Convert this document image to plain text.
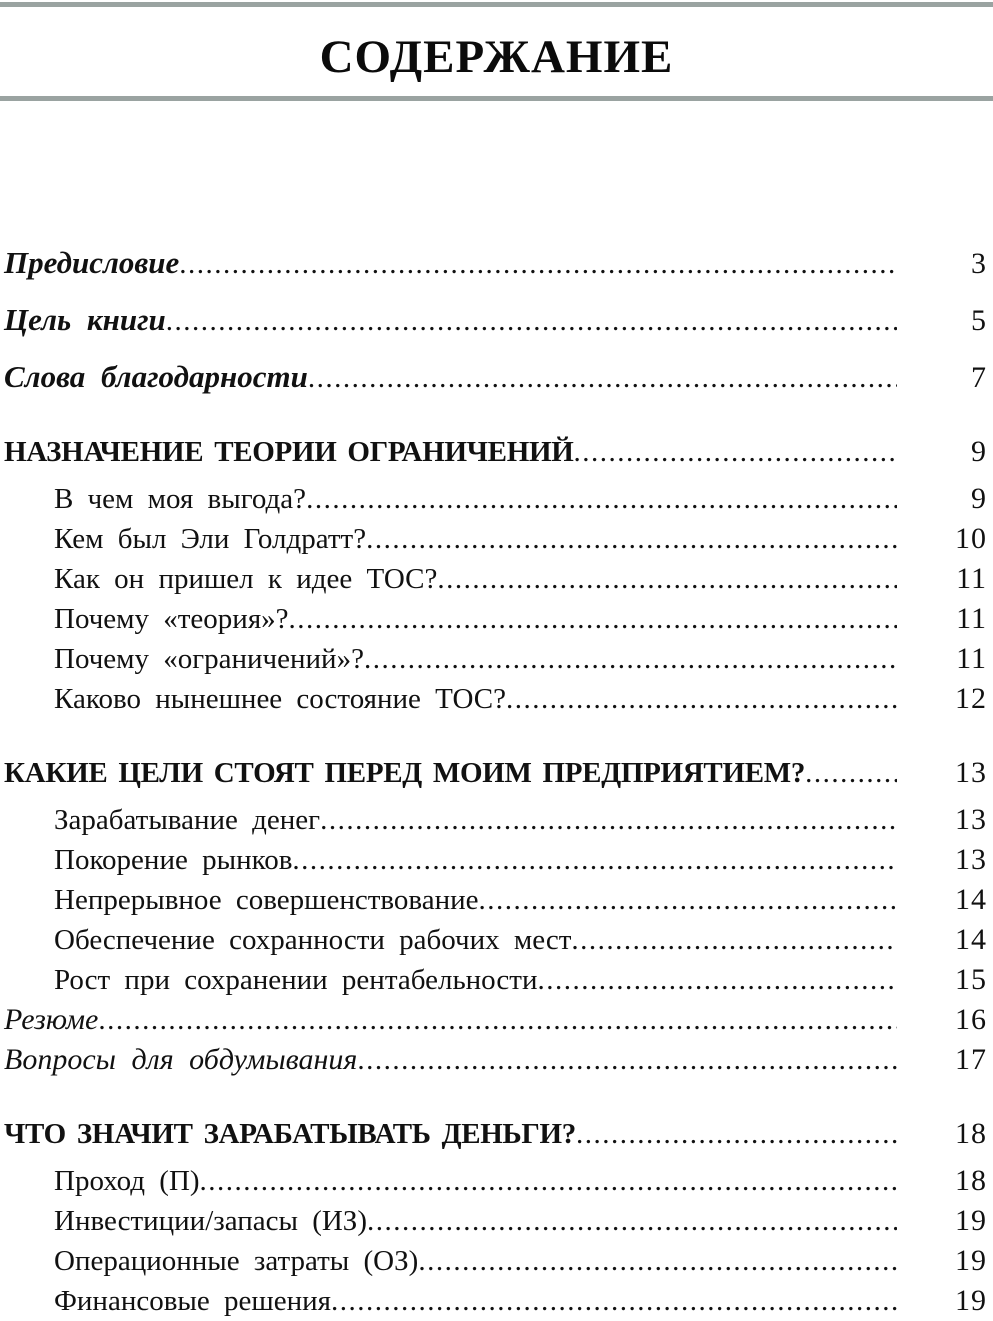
СОДЕРЖАНИЕ
Предисловие .....	3
Цель книги .....	5
Слова благодарности .....	7
НАЗНАЧЕНИЕ ТЕОРИИ ОГРАНИЧЕНИЙ .....	9
В чем моя выгода? .....	9
Кем был Эли Голдратт? .....	10
Как он пришел к идее ТОС? .....	11
Почему «теория»? .....	11
Почему «ограничений»? .....	11
Каково нынешнее состояние ТОС? .....	12
КАКИЕ ЦЕЛИ СТОЯТ ПЕРЕД МОИМ ПРЕДПРИЯТИЕМ? .....	13
Зарабатывание денег .....	13
Покорение рынков .....	13
Непрерывное совершенствование .....	14
Обеспечение сохранности рабочих мест .....	14
Рост при сохранении рентабельности .....	15
Резюме .....	16
Вопросы для обдумывания .....	17
ЧТО ЗНАЧИТ ЗАРАБАТЫВАТЬ ДЕНЬГИ? .....	18
Проход (П) .....	18
Инвестиции/запасы (ИЗ) .....	19
Операционные затраты (ОЗ) .....	19
Финансовые решения .....	19
